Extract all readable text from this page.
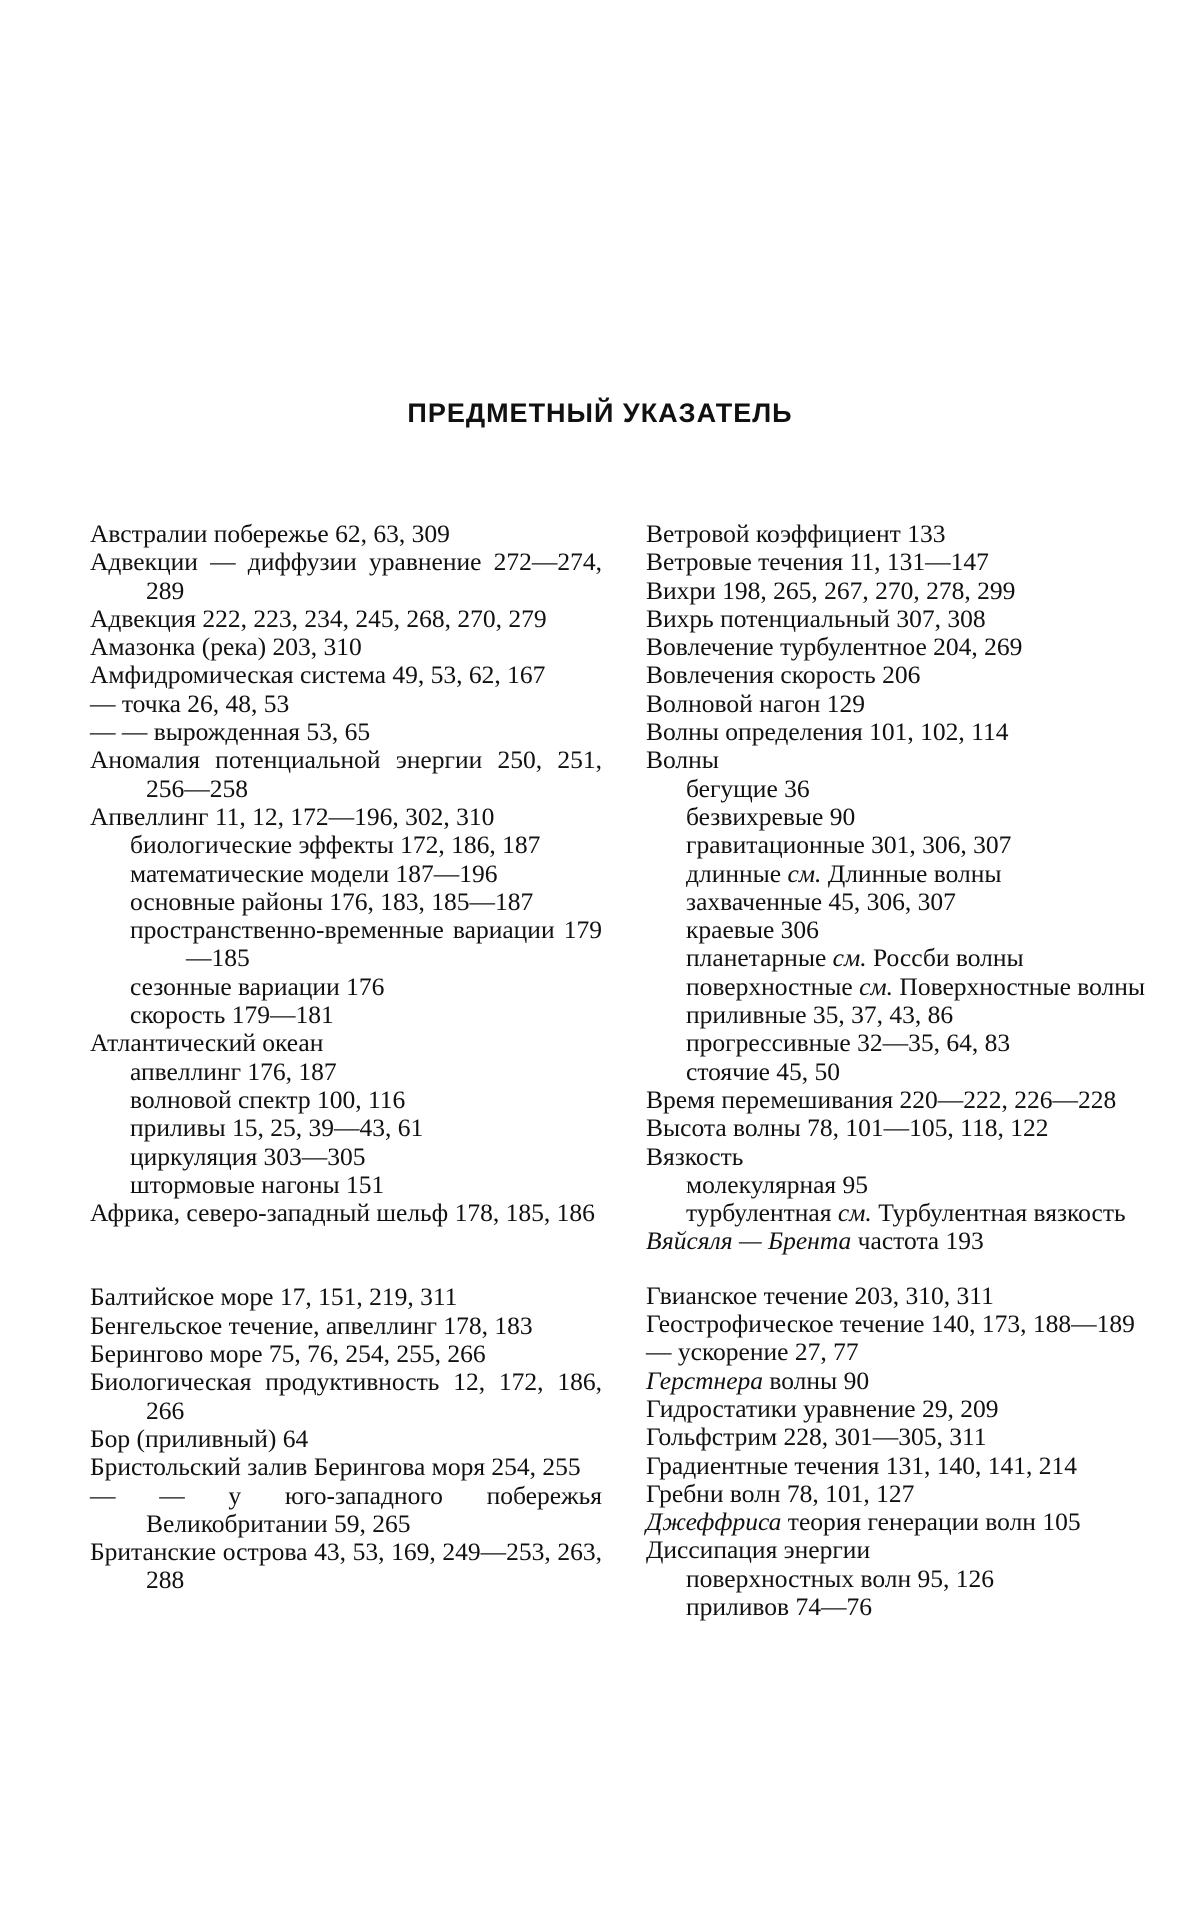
ПРЕДМЕТНЫЙ УКАЗАТЕЛЬ
Австралии побережье 62, 63, 309
Адвекции — диффузии уравнение 272—274, 289
Адвекция 222, 223, 234, 245, 268, 270, 279
Амазонка (река) 203, 310
Амфидромическая система 49, 53, 62, 167
— точка 26, 48, 53
— — вырожденная 53, 65
Аномалия потенциальной энергии 250, 251, 256—258
Апвеллинг 11, 12, 172—196, 302, 310
биологические эффекты 172, 186, 187
математические модели 187—196
основные районы 176, 183, 185—187
пространственно-временные вариации 179—185
сезонные вариации 176
скорость 179—181
Атлантический океан
апвеллинг 176, 187
волновой спектр 100, 116
приливы 15, 25, 39—43, 61
циркуляция 303—305
штормовые нагоны 151
Африка, северо-западный шельф 178, 185, 186
Балтийское море 17, 151, 219, 311
Бенгельское течение, апвеллинг 178, 183
Берингово море 75, 76, 254, 255, 266
Биологическая продуктивность 12, 172, 186, 266
Бор (приливный) 64
Бристольский залив Берингова моря 254, 255
— — у юго-западного побережья Великобритании 59, 265
Британские острова 43, 53, 169, 249—253, 263, 288
Ветровой коэффициент 133
Ветровые течения 11, 131—147
Вихри 198, 265, 267, 270, 278, 299
Вихрь потенциальный 307, 308
Вовлечение турбулентное 204, 269
Вовлечения скорость 206
Волновой нагон 129
Волны определения 101, 102, 114
Волны
бегущие 36
безвихревые 90
гравитационные 301, 306, 307
длинные см. Длинные волны
захваченные 45, 306, 307
краевые 306
планетарные см. Россби волны
поверхностные см. Поверхностные волны
приливные 35, 37, 43, 86
прогрессивные 32—35, 64, 83
стоячие 45, 50
Время перемешивания 220—222, 226—228
Высота волны 78, 101—105, 118, 122
Вязкость
молекулярная 95
турбулентная см. Турбулентная вязкость
Вяйсяля — Брента частота 193
Гвианское течение 203, 310, 311
Геострофическое течение 140, 173, 188—189
— ускорение 27, 77
Герстнера волны 90
Гидростатики уравнение 29, 209
Гольфстрим 228, 301—305, 311
Градиентные течения 131, 140, 141, 214
Гребни волн 78, 101, 127
Джеффриса теория генерации волн 105
Диссипация энергии
поверхностных волн 95, 126
приливов 74—76
